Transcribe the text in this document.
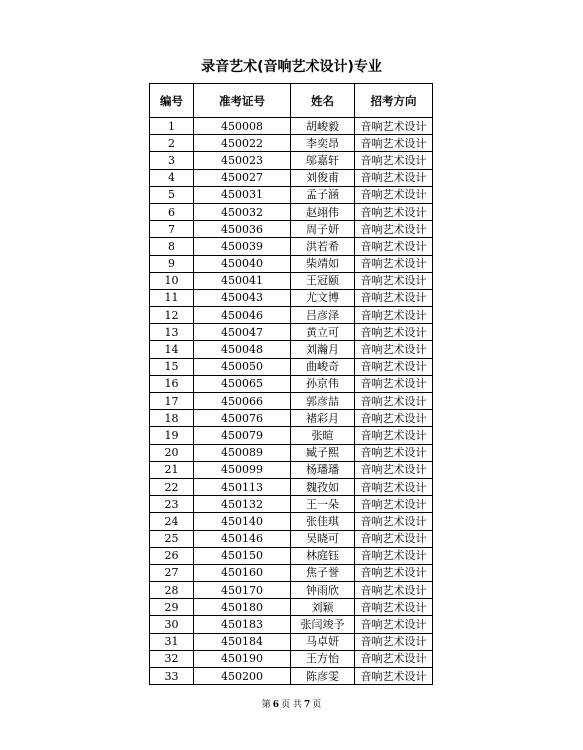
录音艺术(音响艺术设计)专业
编号	准考证号	姓名	招考方向
1	450008	胡峻毅	音响艺术设计
2	450022	李奕昂	音响艺术设计
3	450023	邬嘉轩	音响艺术设计
4	450027	刘俊甫	音响艺术设计
5	450031	孟子涵	音响艺术设计
6	450032	赵翊伟	音响艺术设计
7	450036	周子妍	音响艺术设计
8	450039	洪若希	音响艺术设计
9	450040	柴靖如	音响艺术设计
10	450041	王冠颐	音响艺术设计
11	450043	尤文博	音响艺术设计
12	450046	吕彦泽	音响艺术设计
13	450047	黄立可	音响艺术设计
14	450048	刘瀚月	音响艺术设计
15	450050	曲峻奇	音响艺术设计
16	450065	孙京伟	音响艺术设计
17	450066	郭彦喆	音响艺术设计
18	450076	褚彩月	音响艺术设计
19	450079	张暄	音响艺术设计
20	450089	臧子熙	音响艺术设计
21	450099	杨璠璠	音响艺术设计
22	450113	魏孜如	音响艺术设计
23	450132	王一朵	音响艺术设计
24	450140	张佳琪	音响艺术设计
25	450146	吴晓可	音响艺术设计
26	450150	林庭钰	音响艺术设计
27	450160	焦子誉	音响艺术设计
28	450170	钟雨欣	音响艺术设计
29	450180	刘颖	音响艺术设计
30	450183	张闫竣予	音响艺术设计
31	450184	马卓妍	音响艺术设计
32	450190	王方怡	音响艺术设计
33	450200	陈彦雯	音响艺术设计
第 6 页 共 7 页
